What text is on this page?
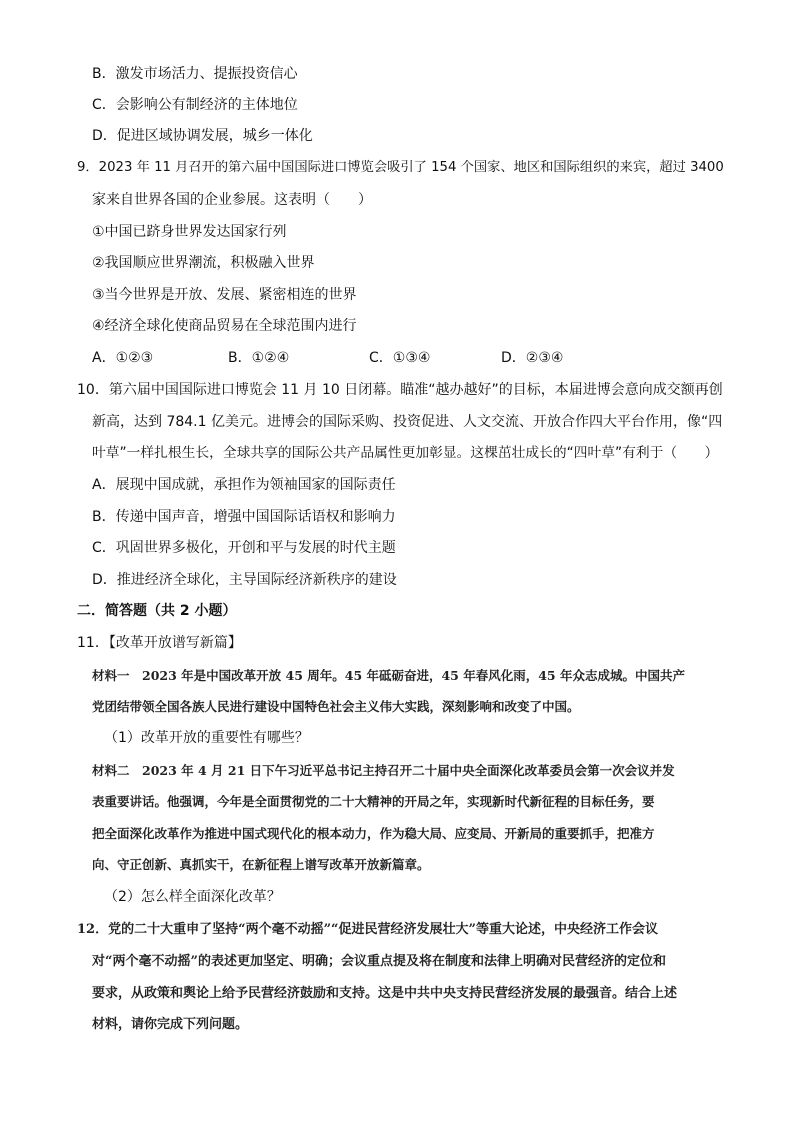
B．激发市场活力、提振投资信心
C．会影响公有制经济的主体地位
D．促进区域协调发展，城乡一体化
9．2023 年 11 月召开的第六届中国国际进口博览会吸引了 154 个国家、地区和国际组织的来宾，超过 3400
家来自世界各国的企业参展。这表明（　　）
①中国已跻身世界发达国家行列
②我国顺应世界潮流，积极融入世界
③当今世界是开放、发展、紧密相连的世界
④经济全球化使商品贸易在全球范围内进行
A．①②③	B．①②④	C．①③④	D．②③④
10．第六届中国国际进口博览会 11 月 10 日闭幕。瞄准“越办越好”的目标，本届进博会意向成交额再创
新高，达到 784.1 亿美元。进博会的国际采购、投资促进、人文交流、开放合作四大平台作用，像“四
叶草”一样扎根生长，全球共享的国际公共产品属性更加彰显。这棵茁壮成长的“四叶草”有利于（　　）
A．展现中国成就，承担作为领袖国家的国际责任
B．传递中国声音，增强中国国际话语权和影响力
C．巩固世界多极化，开创和平与发展的时代主题
D．推进经济全球化，主导国际经济新秩序的建设
二．简答题（共 2 小题）
11．【改革开放谱写新篇】
材料一　2023 年是中国改革开放 45 周年。45 年砥砺奋进，45 年春风化雨，45 年众志成城。中国共产
党团结带领全国各族人民进行建设中国特色社会主义伟大实践，深刻影响和改变了中国。
（1）改革开放的重要性有哪些？
材料二　2023 年 4 月 21 日下午习近平总书记主持召开二十届中央全面深化改革委员会第一次会议并发
表重要讲话。他强调，今年是全面贯彻党的二十大精神的开局之年，实现新时代新征程的目标任务，要
把全面深化改革作为推进中国式现代化的根本动力，作为稳大局、应变局、开新局的重要抓手，把准方
向、守正创新、真抓实干，在新征程上谱写改革开放新篇章。
（2）怎么样全面深化改革？
12．党的二十大重申了坚持“两个毫不动摇”“促进民营经济发展壮大”等重大论述，中央经济工作会议
对“两个毫不动摇”的表述更加坚定、明确；会议重点提及将在制度和法律上明确对民营经济的定位和
要求，从政策和舆论上给予民营经济鼓励和支持。这是中共中央支持民营经济发展的最强音。结合上述
材料，请你完成下列问题。
